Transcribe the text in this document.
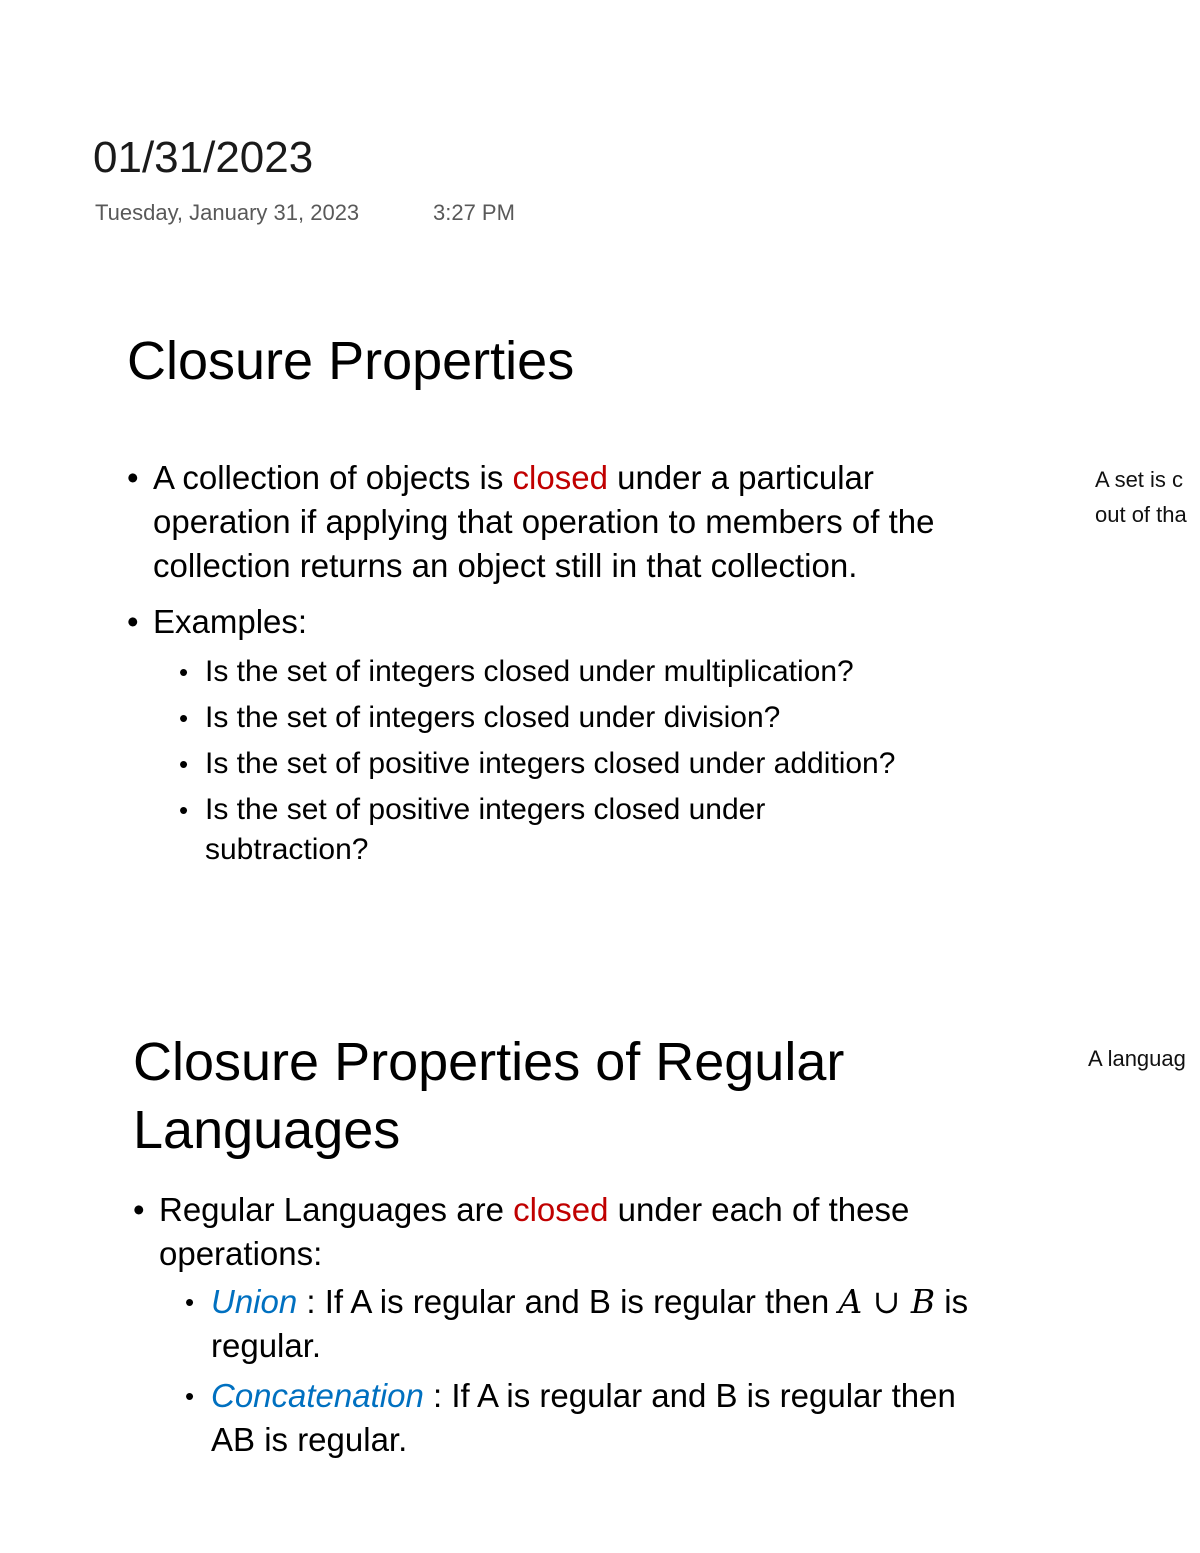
01/31/2023
Tuesday, January 31, 2023	3:27 PM
Closure Properties
• A collection of objects is closed under a particular operation if applying that operation to members of the collection returns an object still in that collection.
• Examples:
• Is the set of integers closed under multiplication?
• Is the set of integers closed under division?
• Is the set of positive integers closed under addition?
• Is the set of positive integers closed under subtraction?
A set is c
out of tha
Closure Properties of Regular Languages
• Regular Languages are closed under each of these operations:
• Union : If A is regular and B is regular then A ∪ B is regular.
• Concatenation : If A is regular and B is regular then AB is regular.
A languag
